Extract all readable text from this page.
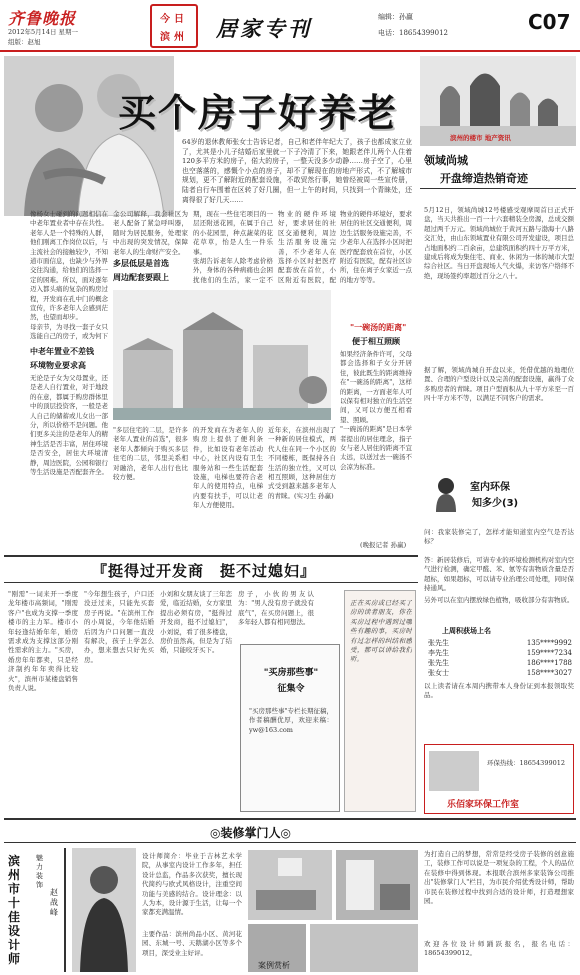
齐鲁晚报
2012年5月14日 星期一
组版：赵旭
今日
滨州	居家专刊	编辑：孙赢
电话：18654399012	C07
买个房子好养老
64岁的退休教师张女士告诉记者，自己和老伴年纪大了，孩子也都成家立业了，尤其是小儿子结婚后家里就一下子冷清了下来，她跟老伴儿两个人住着120多平方米的房子，偌大的房子，一整天没多少动静……房子空了，心里也空落落的，感慨个小点的房子，却不了解现在的房地产形式，不了解城市规划，更不了解附近的配套设施，不敢贸然行事，她曾经被周一些宣传册，陆者自行车围着在区转了好几圈，但一上午的时间，只找到一个青睐处，还离得很了好几天……
像杨女士碰到的问题相信在中老年置业者中存在共性。老年人是一个特殊的人群，他们刚离工作岗位以后，与主流社会的接触较少，不知道市面信息，也缺少与外界交往沟通，给他们的选择一定的困难。所以，面对逐年迈入都头痛的复杂的购房过程，开发商在孔中门的概念宣传，许多老年人会感到茫然，也望而却步。
母亲节，为寻找一套子女只选能自己的房子，或为何下
中老年置业不差钱
环境物业要求高
无论是子女为父母置业，还是老人自行置业，对于地段的在意，都属于购房群体里中的顶层投资客，一般是老人自己的储蓄或儿女出一部分，所以价格不是问题。他们更多关注的是老年人的精神生活是否丰富，居住环境是否安全，居住大环境清静，周边医院，公园和银行等生活设施是否配套齐全。
金公司解释，我会社区为老人配备了紧急呼叫器，随时为居民服务，处理家中出现的突发情况，保障老年人的生命财产安全。
多层低层是首选
周边配套要跟上
期，现在一些住宅项目的一层还附送花园，在属于自己的小花园里，种点蔬菜的花花草草，怡是人生一件乐事。
张胡告诉老年人除考虑价格外，身体的各种病痛也会困扰他们的生活，家一定不
物业的硬件环境好，要求居住的社区交通便利，周边生活服务设施完善，不少老年人在选择小区时把医疗配套放在首位，小区附近有医院，配
物业的硬件环境好，要求居住的社区交通便利，周边生活服务设施完善，不少老年人在选择小区时把医疗配套放在首位，小区附近有医院，配有社区诊所，住在离子女家近一点的地方等等。
"一碗汤的距离"
便于相互照顾
如果经济条件许可，父母都会选择和子女分开居住，彼此既生的距离维持在"一碗汤的距离"，这样的距离，一方面老年人可以保有相对独立的生活空间，又可以方便互相看望、照顾。
"一碗汤的距离"是日本学者提出的居住理念，指子女与老人居住的距离不宜太远，以送过去一碗汤不会凉为标准。
"多层住宅的二层，是许多老年人置业的首选"，很多老年人都倾向于购买多层住宅的二层，邻里关系相对融洽，老年人出行也比较方便。
的开发商在为老年人的购房上提供了便利条件，比如设有老年活动中心，社区内设有卫生服务站和一些生活配套设施，电梯也要符合老年人的使用特点，电梯内要有扶手，可以让老年人方便使用。
近年来，在滨州出现了一种新的居住模式，两代人住在同一个小区的不同楼栋，既保持各自生活的独立性，又可以相互照顾，这种居住方式受到越来越多老年人的青睐。(实习生 孙赢)
(晚报记者 孙赢)
滨州的楼市 地产资讯
领域尚城
开盘缔造热销奇迹
5月12日，领域尚城12号楼感受观摩周首日正式开盘，当天共推出一百一十六套精装全房源，总成交额超过两千万元。领域尚城位于黄河五路与渤海十八路交汇处，由山东领域置业有限公司开发建设，项目总占地面积约二百余亩，总建筑面积约四十万平方米，建成后将成为集住宅、商业、休闲为一体的城市大型综合社区。当日开盘现场人气火爆，来访客户络绎不绝，现场签约率超过百分之八十。
据了解，领域尚城自开盘以来，凭借优越的地理位置、合理的户型设计以及完善的配套设施，赢得了众多购房者的青睐。项目户型面积从九十平方米至一百四十平方米不等，以满足不同客户的需求。
室内环保
知多少(3)
问：我家装修完了，怎样才能知道室内空气是否达标？
答：新居装修后，可请专业的环境检测机构对室内空气进行检测，确定甲醛、苯、氨等有害物质含量是否超标，如果超标，可以请专业治理公司处理，同时保持通风。
另外可以在室内摆放绿色植物，吸收部分有害物质。
上周积获场上名
张先生	135****9992
李先生	159****7234
张先生	186****1788
张女士	158****3027
以上读者请在本周内携带本人身份证到本报领取奖品。
环保热线：18654399012
乐佰家环保工作室
『挺得过开发商　挺不过媳妇』
"刚需"一词来开一季度龙年楼市高频词，"刚需客户"也成为支撑一季度楼市的主力军。楼市小年轻逢结婚年年，婚房需求成为支撑这部分刚性需求的主力。"买房，婚房年年都卖，只是经济制约年年卖得比较火"，滨州市某楼盘销售负责人说。
"今年想生孩子，户口还没迁过来，只能先买套房子再说。"在滨州工作的小周说，今年他结婚后因为户口问题一直没有解决，孩子上学怎么办，想来想去只好先买房。
小刘和女朋友谈了三年恋爱，临近结婚，女方家里提出必须有房，"挺得过开发商，挺不过媳妇"，小刘说，看了很多楼盘，房价虽然高，但是为了结婚，只能咬牙买下。
房子，小伙的男友认为："男人没有房子就没有底气"，在买房问题上，很多年轻人都有相同想法。
"买房那些事"
征集令
"买房那些事"专栏长期征稿，作者稿酬优厚，欢迎来稿：yw@163.com
正在买房或已经买了房的读者朋友，你在买房过程中遇到过哪些有趣的事，买房时有过怎样的纠结和感受，都可以讲给我们听。
◎装修掌门人◎
滨州市十佳设计师
魅力装饰
赵 战 峰
设计师简介：毕业于吉林艺术学院，从事室内设计工作多年，担任设计总监，作品多次获奖，擅长现代简约与欧式风格设计，注重空间功能与美感的结合。设计理念：以人为本，设计源于生活，让每一个家都充满温情。
主要作品：滨州尚品小区、黄河花园、东城一号、天鹅湖小区等多个项目，深受业主好评。
案例赏析
为打造自己的梦想，常常是经受房子装修的创意施工，装修工作可以说是一项复杂的工程，个人的品位在装修中得到体现。本报联合滨州多家装饰公司推出"装修掌门人"栏目，为市民介绍优秀设计师，帮助市民在装修过程中找到合适的设计师，打造理想家园。
欢迎各位设计师踊跃报名，报名电话：18654399012。
